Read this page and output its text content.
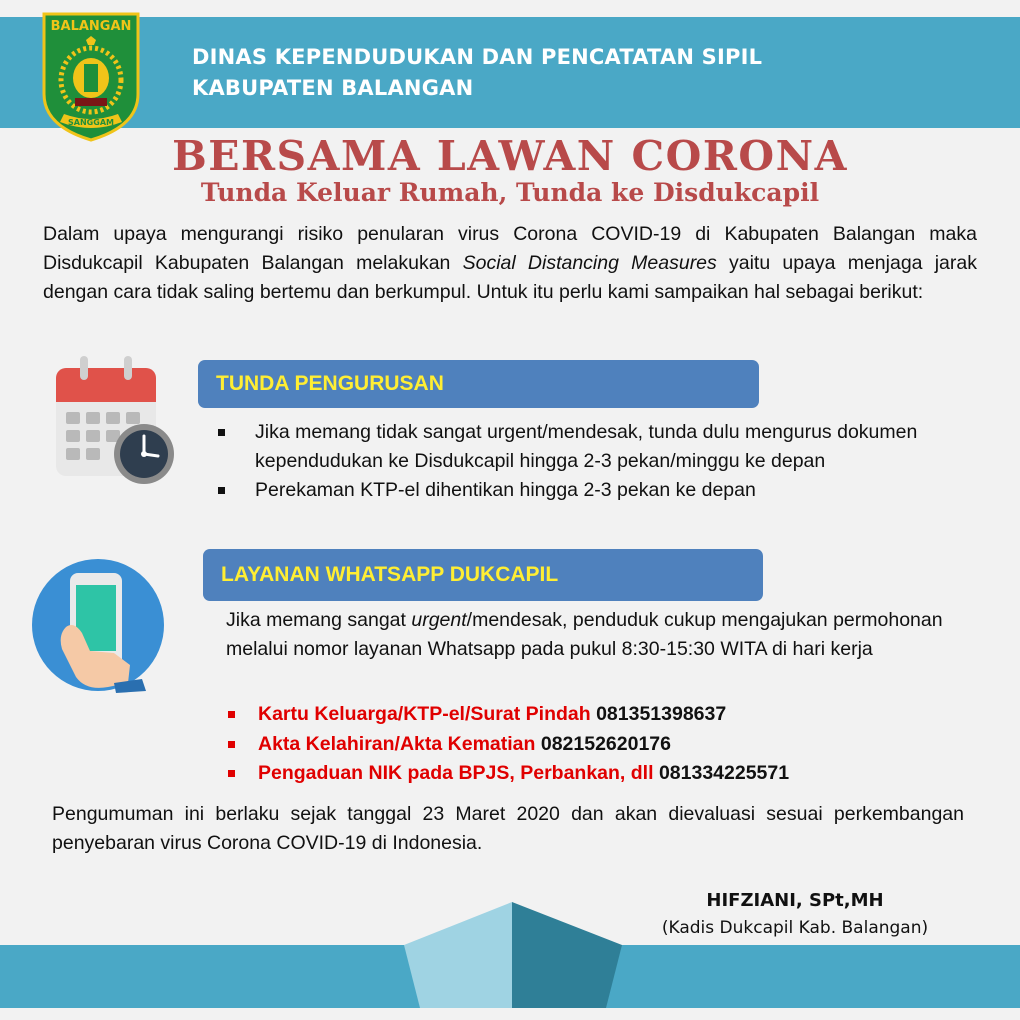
BALANGAN
SANGGAM
DINAS KEPENDUDUKAN DAN PENCATATAN SIPIL
KABUPATEN BALANGAN
BERSAMA LAWAN CORONA
Tunda Keluar Rumah, Tunda ke Disdukcapil

Dalam upaya mengurangi risiko penularan virus Corona COVID-19 di Kabupaten Balangan maka Disdukcapil Kabupaten Balangan melakukan Social Distancing Measures yaitu upaya menjaga jarak dengan cara tidak saling bertemu dan berkumpul. Untuk itu perlu kami sampaikan hal sebagai berikut:

TUNDA PENGURUSAN
Jika memang tidak sangat urgent/mendesak, tunda dulu mengurus dokumen kependudukan ke Disdukcapil hingga 2-3 pekan/minggu ke depan
Perekaman KTP-el dihentikan hingga 2-3 pekan ke depan
LAYANAN WHATSAPP DUKCAPIL

Jika memang sangat urgent/mendesak, penduduk cukup mengajukan permohonan melalui nomor layanan Whatsapp pada pukul 8:30-15:30 WITA di hari kerja

Kartu Keluarga/KTP-el/Surat Pindah 081351398637
Akta Kelahiran/Akta Kematian 082152620176
Pengaduan NIK pada BPJS, Perbankan, dll 081334225571

Pengumuman ini berlaku sejak tanggal 23 Maret 2020 dan akan dievaluasi sesuai perkembangan penyebaran virus Corona COVID-19 di Indonesia.

HIFZIANI, SPt,MH
(Kadis Dukcapil Kab. Balangan)
